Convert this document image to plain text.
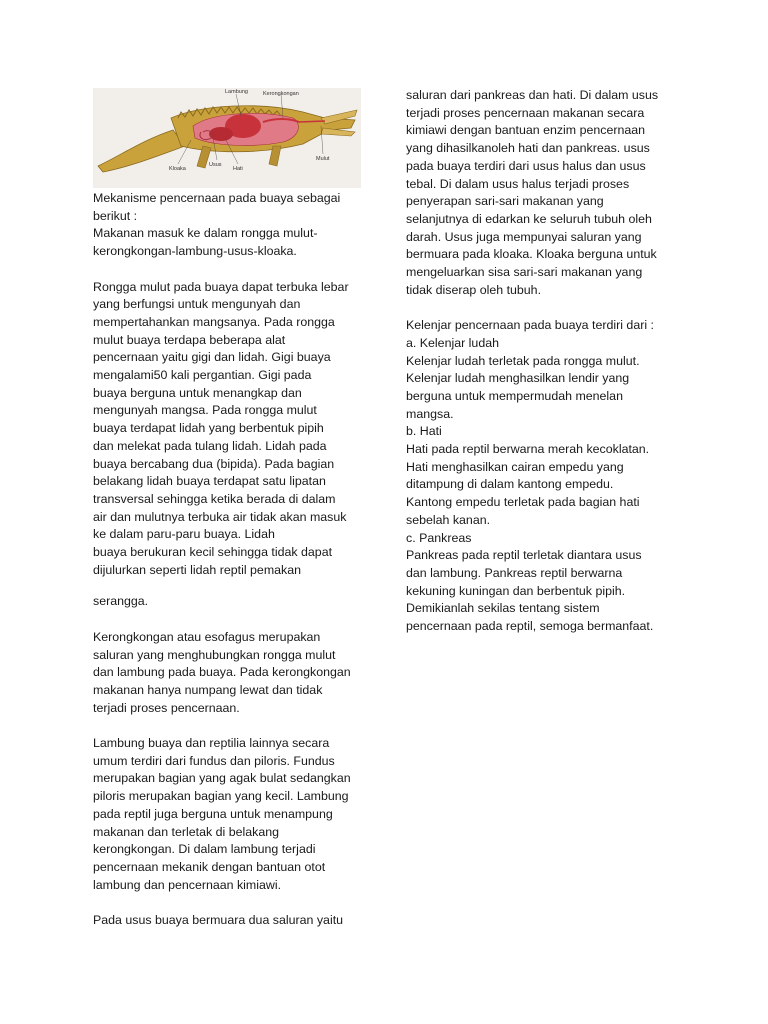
Lambung	Kerongkongan
Mulut
Kloaka
Usus
Hati
Mekanisme pencernaan pada buaya sebagai
berikut :
Makanan masuk ke dalam rongga mulut-
kerongkongan-lambung-usus-kloaka.
Rongga mulut pada buaya dapat terbuka lebar
yang berfungsi untuk mengunyah dan
mempertahankan mangsanya. Pada rongga
mulut buaya terdapa beberapa alat
pencernaan yaitu gigi dan lidah. Gigi buaya
mengalami50 kali pergantian. Gigi pada
buaya berguna untuk menangkap dan
mengunyah mangsa. Pada rongga mulut
buaya terdapat lidah yang berbentuk pipih
dan melekat pada tulang lidah. Lidah pada
buaya bercabang dua (bipida). Pada bagian
belakang lidah buaya terdapat satu lipatan
transversal sehingga ketika berada di dalam
air dan mulutnya terbuka air tidak akan masuk
ke dalam paru-paru buaya. Lidah
buaya berukuran kecil sehingga tidak dapat
dijulurkan seperti lidah reptil pemakan
serangga.
Kerongkongan atau esofagus merupakan
saluran yang menghubungkan rongga mulut
dan lambung pada buaya. Pada kerongkongan
makanan hanya numpang lewat dan tidak
terjadi proses pencernaan.
Lambung buaya dan reptilia lainnya secara
umum terdiri dari fundus dan piloris. Fundus
merupakan bagian yang agak bulat sedangkan
piloris merupakan bagian yang kecil. Lambung
pada reptil juga berguna untuk menampung
makanan dan terletak di belakang
kerongkongan. Di dalam lambung terjadi
pencernaan mekanik dengan bantuan otot
lambung dan pencernaan kimiawi.
Pada usus buaya bermuara dua saluran yaitu
saluran dari pankreas dan hati. Di dalam usus
terjadi proses pencernaan makanan secara
kimiawi dengan bantuan enzim pencernaan
yang dihasilkanoleh hati dan pankreas. usus
pada buaya terdiri dari usus halus dan usus
tebal. Di dalam usus halus terjadi proses
penyerapan sari-sari makanan yang
selanjutnya di edarkan ke seluruh tubuh oleh
darah. Usus juga mempunyai saluran yang
bermuara pada kloaka. Kloaka berguna untuk
mengeluarkan sisa sari-sari makanan yang
tidak diserap oleh tubuh.
Kelenjar pencernaan pada buaya terdiri dari :
a. Kelenjar ludah
Kelenjar ludah terletak pada rongga mulut.
Kelenjar ludah menghasilkan lendir yang
berguna untuk mempermudah menelan
mangsa.
b. Hati
Hati pada reptil berwarna merah kecoklatan.
Hati menghasilkan cairan empedu yang
ditampung di dalam kantong empedu.
Kantong empedu terletak pada bagian hati
sebelah kanan.
c. Pankreas
Pankreas pada reptil terletak diantara usus
dan lambung. Pankreas reptil berwarna
kekuning kuningan dan berbentuk pipih.
Demikianlah sekilas tentang sistem
pencernaan pada reptil, semoga bermanfaat.
